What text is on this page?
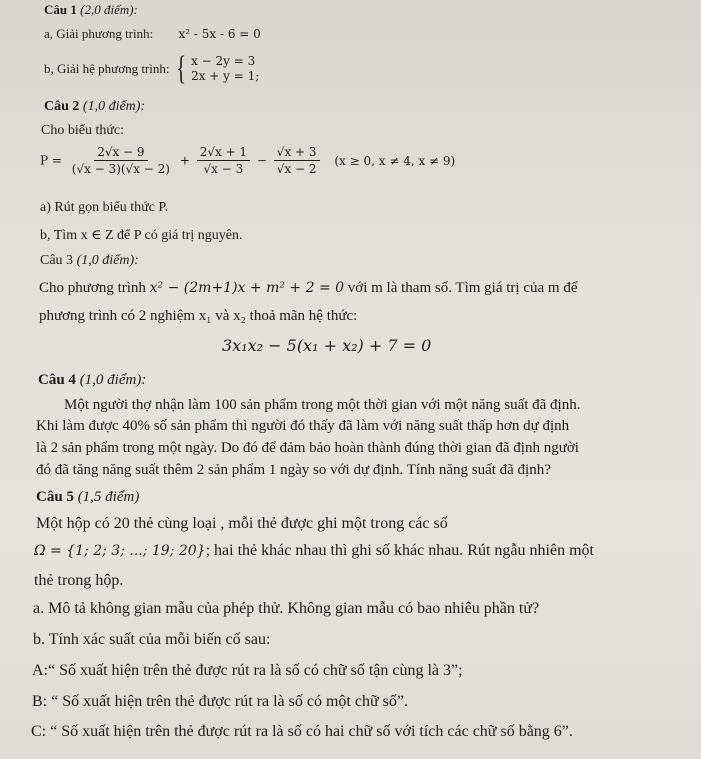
Câu 1 (2,0 điểm):
a, Giải phương trình: x² - 5x - 6 = 0
b, Giải hệ phương trình: { x − 2y = 3
2x + y = 1;
Câu 2 (1,0 điểm):
Cho biểu thức:
$P = \frac{2√x - 9}{(√x - 3)(√x - 2)} + \frac{2√x + 1}{√x - 3} - \frac{√x + 3}{√x - 2} (x \ge 0$, x ≠ 4, x ≠ 9)
a) Rút gọn biểu thức P.
b, Tìm x ∈ Z để P có giá trị nguyên.
Câu 3 (1,0 điểm):
Cho phương trình x² − (2m+1)x + m² + 2 = 0 với m là tham số. Tìm giá trị của m để
phương trình có 2 nghiệm x₁ và x₂ thoả mãn hệ thức:
3x₁x₂ − 5(x₁ + x₂) + 7 = 0
Câu 4 (1,0 điểm):
Một người thợ nhận làm 100 sản phẩm trong một thời gian với một năng suất đã định.
Khi làm được 40% số sản phẩm thì người đó thấy đã làm với năng suất thấp hơn dự định
là 2 sản phẩm trong một ngày. Do đó để đảm bảo hoàn thành đúng thời gian đã định người
đó đã tăng năng suất thêm 2 sản phẩm 1 ngày so với dự định. Tính năng suất đã định?
Câu 5 (1,5 điểm)
Một hộp có 20 thẻ cùng loại , mỗi thẻ được ghi một trong các số
Ω = {1; 2; 3; ...; 19; 20}; hai thẻ khác nhau thì ghi số khác nhau. Rút ngẫu nhiên một
thẻ trong hộp.
a. Mô tả không gian mẫu của phép thử. Không gian mẫu có bao nhiêu phần tử?
b. Tính xác suất của mỗi biến cố sau:
A:“ Số xuất hiện trên thẻ được rút ra là số có chữ số tận cùng là 3”;
B: “ Số xuất hiện trên thẻ được rút ra là số có một chữ số”.
C: “ Số xuất hiện trên thẻ được rút ra là số có hai chữ số với tích các chữ số bằng 6”.
